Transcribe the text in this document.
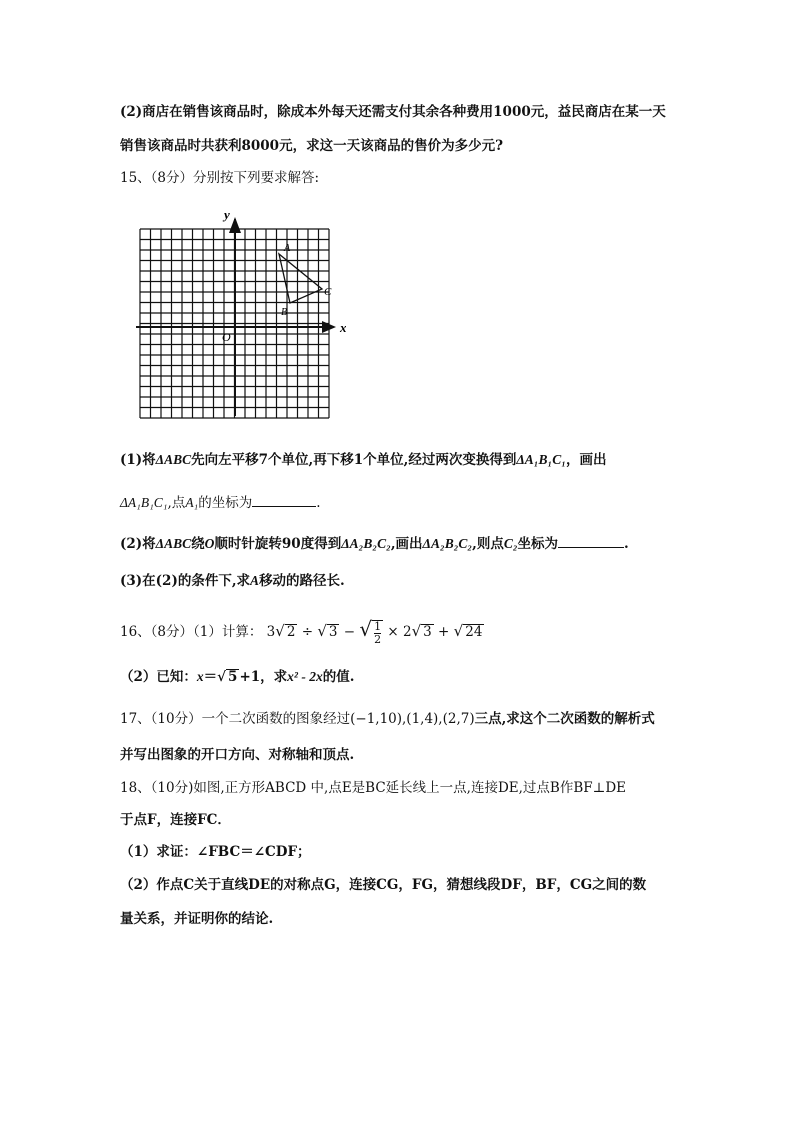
(2)商店在销售该商品时，除成本外每天还需支付其余各种费用1000元，益民商店在某一天
销售该商品时共获利8000元，求这一天该商品的售价为多少元?
15、（8分）分别按下列要求解答:
x
y
O
A
B
C
(1)将ΔABC先向左平移7个单位,再下移1个单位,经过两次变换得到ΔA₁B₁C₁，画出
ΔA₁B₁C₁,点A₁的坐标为	.
(2)将ΔABC绕O顺时针旋转90度得到ΔA₂B₂C₂,画出ΔA₂B₂C₂,则点C₂坐标为	.
(3)在(2)的条件下,求A移动的路径长.
16、（8分）（1）计算： 3√ 2 ÷ √ 3 − √ $\frac{1}{2} \times 2√$ 3 + √ 24
（2）已知：x＝√ 5 +1，求x² - 2x的值.
17、（10分）一个二次函数的图象经过(−1,10),(1,4),(2,7)三点,求这个二次函数的解析式
并写出图象的开口方向、对称轴和顶点.
18、（10分)如图,正方形ABCD 中,点E是BC延长线上一点,连接DE,过点B作BF⊥DE
于点F，连接FC．
（1）求证：∠FBC＝∠CDF；
（2）作点C关于直线DE的对称点G，连接CG，FG，猜想线段DF，BF，CG之间的数
量关系，并证明你的结论.
